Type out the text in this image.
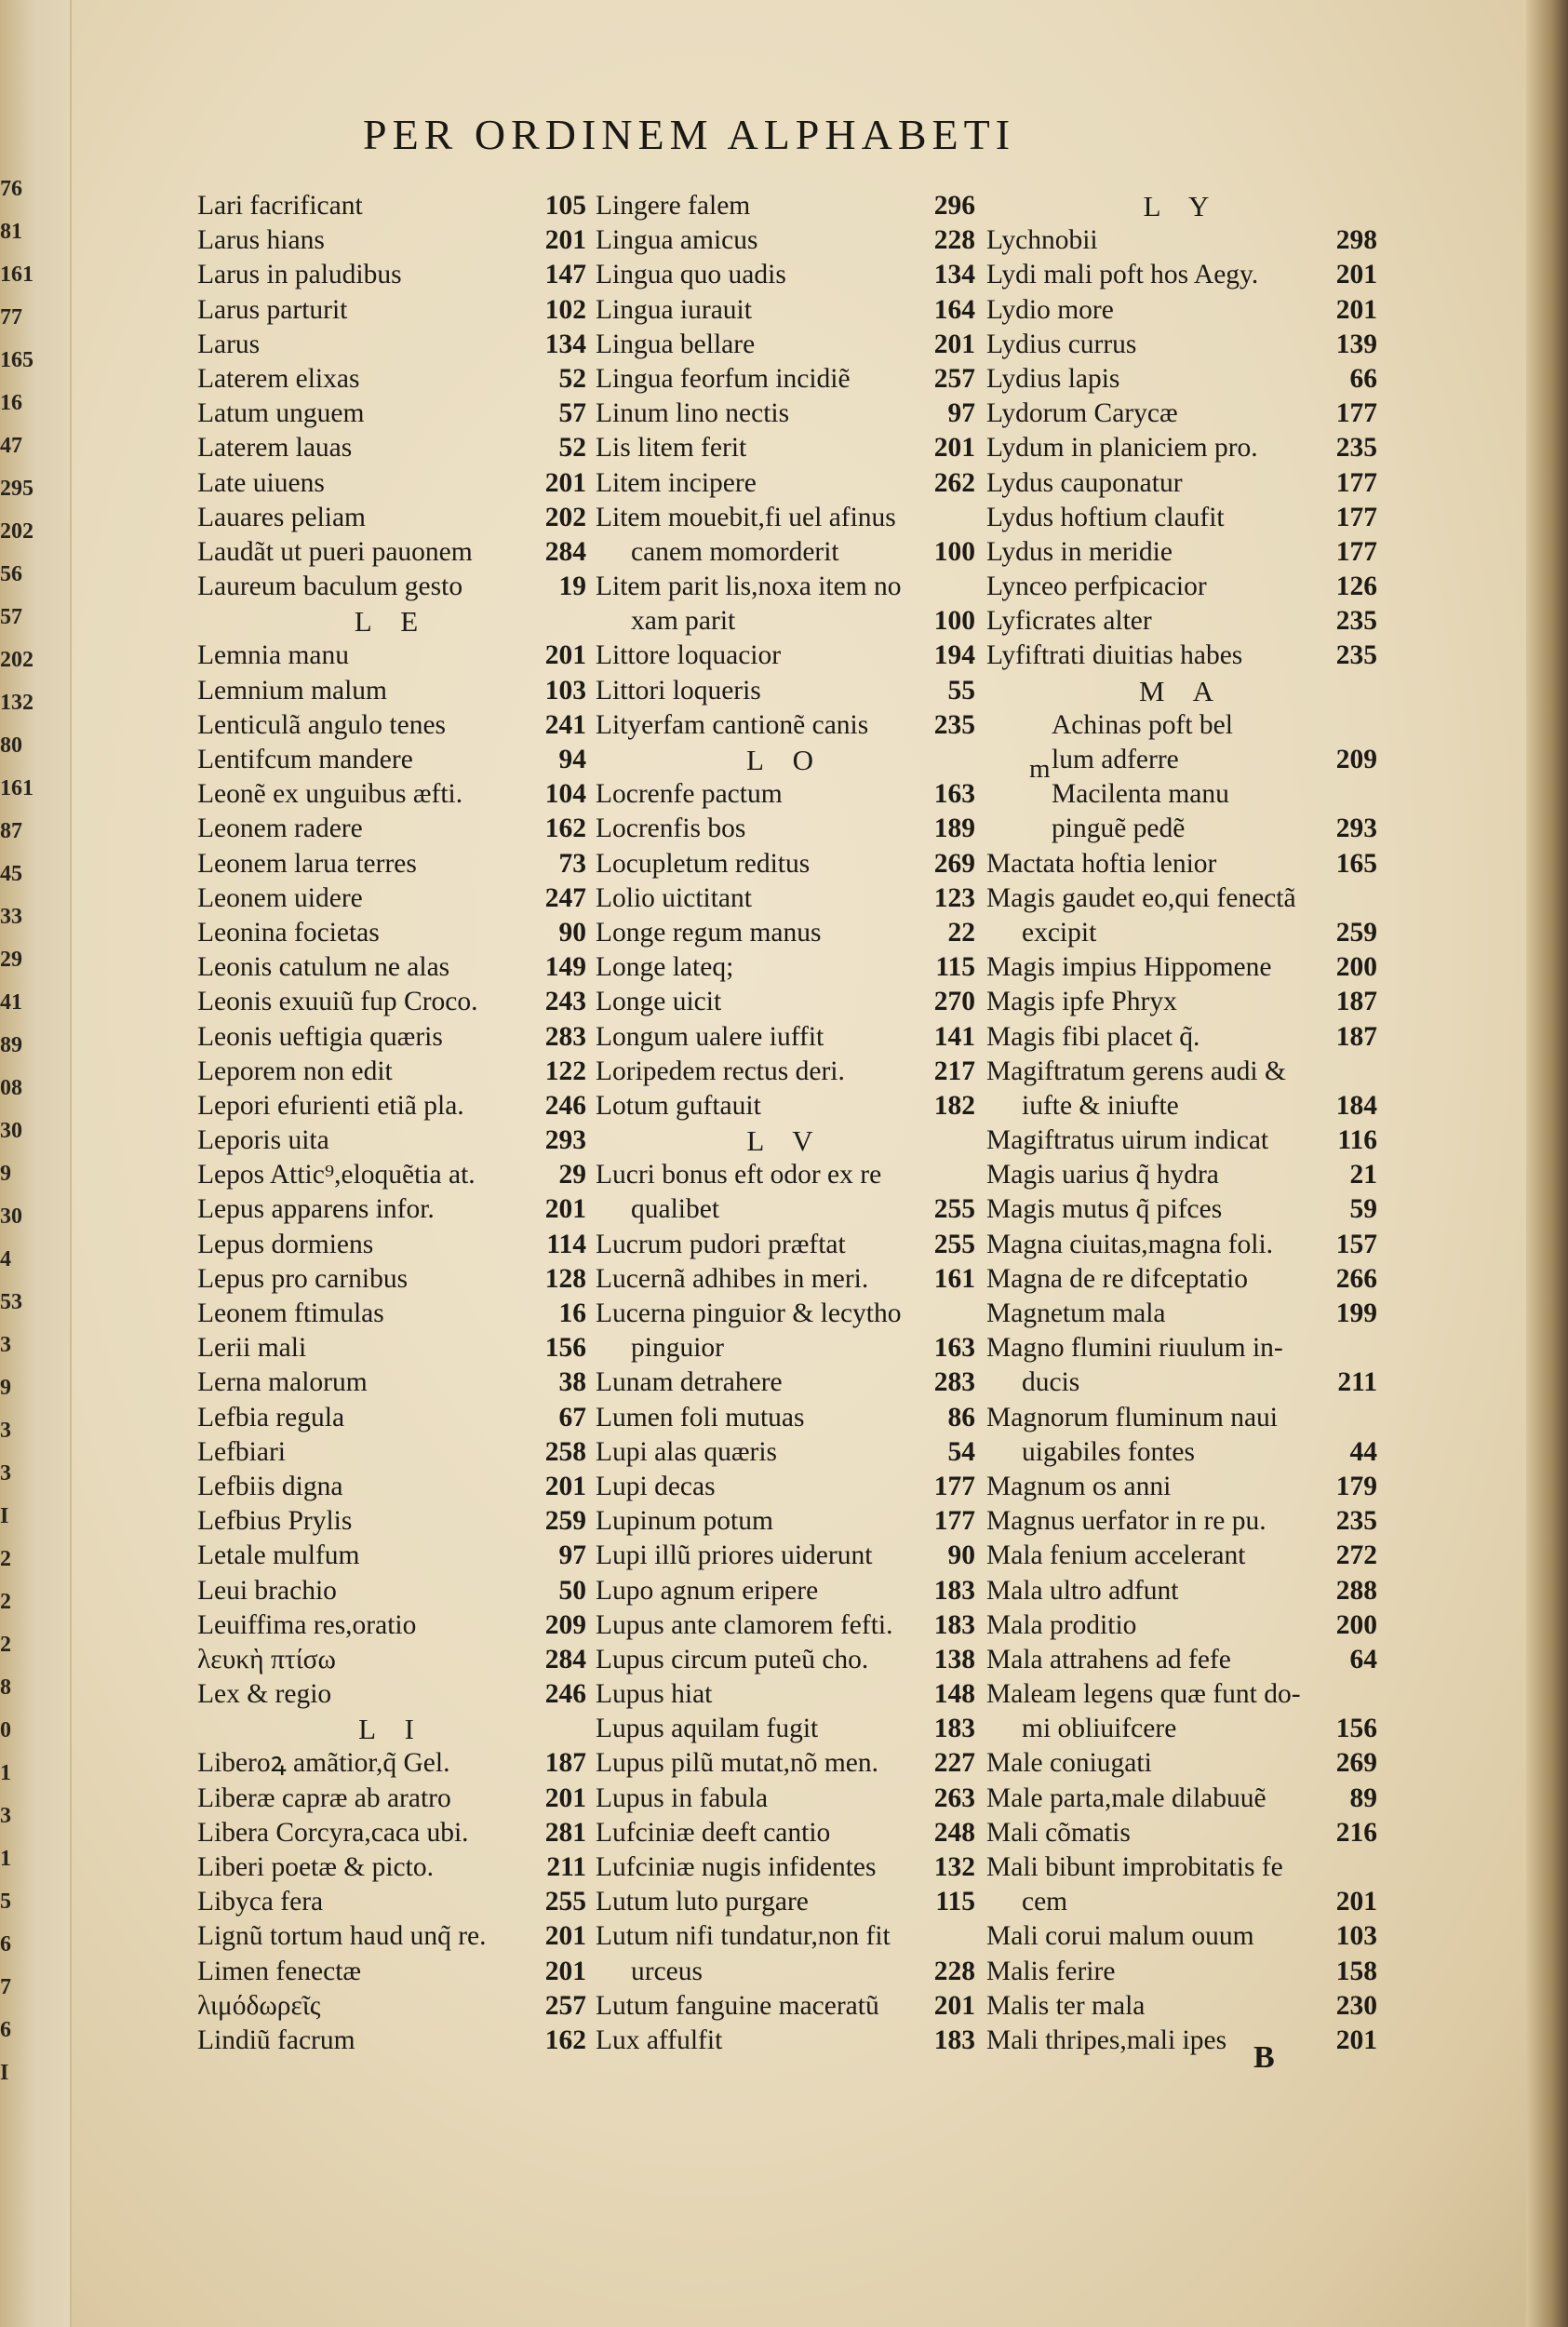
76
81
161
77
165
16
47
295
202
56
57
202
132
80
161
87
45
33
29
41
89
08
30
9
30
4
53
3
9
3
3
I
2
2
2
8
0
1
3
1
5
6
7
6
I
PER ORDINEM ALPHABETI
Lari facrificant	105
Larus hians	201
Larus in paludibus	147
Larus parturit	102
Larus	134
Laterem elixas	52
Latum unguem	57
Laterem lauas	52
Late uiuens	201
Lauares peliam	202
Laudãt ut pueri pauonem	284
Laureum baculum gesto	19
L E
Lemnia manu	201
Lemnium malum	103
Lenticulã angulo tenes	241
Lentifcum mandere	94
Leonẽ ex unguibus æfti.	104
Leonem radere	162
Leonem larua terres	73
Leonem uidere	247
Leonina focietas	90
Leonis catulum ne alas	149
Leonis exuuiũ fup Croco. 243
Leonis ueftigia quæris	283
Leporem non edit	122
Lepori efurienti etiã pla.	246
Leporis uita	293
Lepos Attic⁹,eloquẽtia at.	29
Lepus apparens infor.	201
Lepus dormiens	114
Lepus pro carnibus	128
Leonem ftimulas	16
Lerii mali	156
Lerna malorum	38
Lefbia regula	67
Lefbiari	258
Lefbiis digna	201
Lefbius Prylis	259
Letale mulfum	97
Leui brachio	50
Leuiffima res,oratio	209
λευκὴ πτίσω	284
Lex & regio	246
L I
Liberoꝝ amãtior,q̃ Gel.	187
Liberæ capræ ab aratro	201
Libera Corcyra,caca ubi.	281
Liberi poetæ & picto.	211
Libyca fera	255
Lignũ tortum haud unq̃ re. 201
Limen fenectæ	201
λιμόδωρεῖς	257
Lindiũ facrum	162
Lingere falem	296
Lingua amicus	228
Lingua quo uadis	134
Lingua iurauit	164
Lingua bellare	201
Lingua feorfum incidiẽ	257
Linum lino nectis	97
Lis litem ferit	201
Litem incipere	262
Litem mouebit,fi uel afinus
canem momorderit	100
Litem parit lis,noxa item no
xam parit	100
Littore loquacior	194
Littori loqueris	55
Lityerfam cantionẽ canis 235
L O
Locrenfe pactum	163
Locrenfis bos	189
Locupletum reditus	269
Lolio uictitant	123
Longe regum manus	22
Longe lateq;	115
Longe uicit	270
Longum ualere iuffit	141
Loripedem rectus deri.	217
Lotum guftauit	182
L V
Lucri bonus eft odor ex re
qualibet	255
Lucrum pudori præftat	255
Lucernã adhibes in meri. 161
Lucerna pinguior & lecytho
pinguior	163
Lunam detrahere	283
Lumen foli mutuas	86
Lupi alas quæris	54
Lupi decas	177
Lupinum potum	177
Lupi illũ priores uiderunt	90
Lupo agnum eripere	183
Lupus ante clamorem fefti. 183
Lupus circum puteũ cho. 138
Lupus hiat	148
Lupus aquilam fugit	183
Lupus pilũ mutat,nõ men. 227
Lupus in fabula	263
Lufciniæ deeft cantio	248
Lufciniæ nugis infidentes 132
Lutum luto purgare	115
Lutum nifi tundatur,non fit
urceus	228
Lutum fanguine maceratũ 201
Lux affulfit	183
L Y
Lychnobii	298
Lydi mali poft hos Aegy.	201
Lydio more	201
Lydius currus	139
Lydius lapis	66
Lydorum Carycæ	177
Lydum in planiciem pro.	235
Lydus cauponatur	177
Lydus hoftium claufit	177
Lydus in meridie	177
Lynceo perfpicacior	126
Lyficrates alter	235
Lyfiftrati diuitias habes	235
M A
Achinas poft bel
lum adferre	209
Macilenta manu
pinguẽ pedẽ	293
Mactata hoftia lenior	165
Magis gaudet eo,qui fenectã
excipit	259
Magis impius Hippomene 200
Magis ipfe Phryx	187
Magis fibi placet q̃.	187
Magiftratum gerens audi &
iufte & iniufte	184
Magiftratus uirum indicat	116
Magis uarius q̃ hydra	21
Magis mutus q̃ pifces	59
Magna ciuitas,magna foli. 157
Magna de re difceptatio	266
Magnetum mala	199
Magno flumini riuulum in-
ducis	211
Magnorum fluminum naui
uigabiles fontes	44
Magnum os anni	179
Magnus uerfator in re pu.	235
Mala fenium accelerant	272
Mala ultro adfunt	288
Mala proditio	200
Mala attrahens ad fefe	64
Maleam legens quæ funt do-
mi obliuifcere	156
Male coniugati	269
Male parta,male dilabuuẽ	89
Mali cõmatis	216
Mali bibunt improbitatis fe
cem	201
Mali corui malum ouum	103
Malis ferire	158
Malis ter mala	230
Mali thripes,mali ipes	201
m
B
